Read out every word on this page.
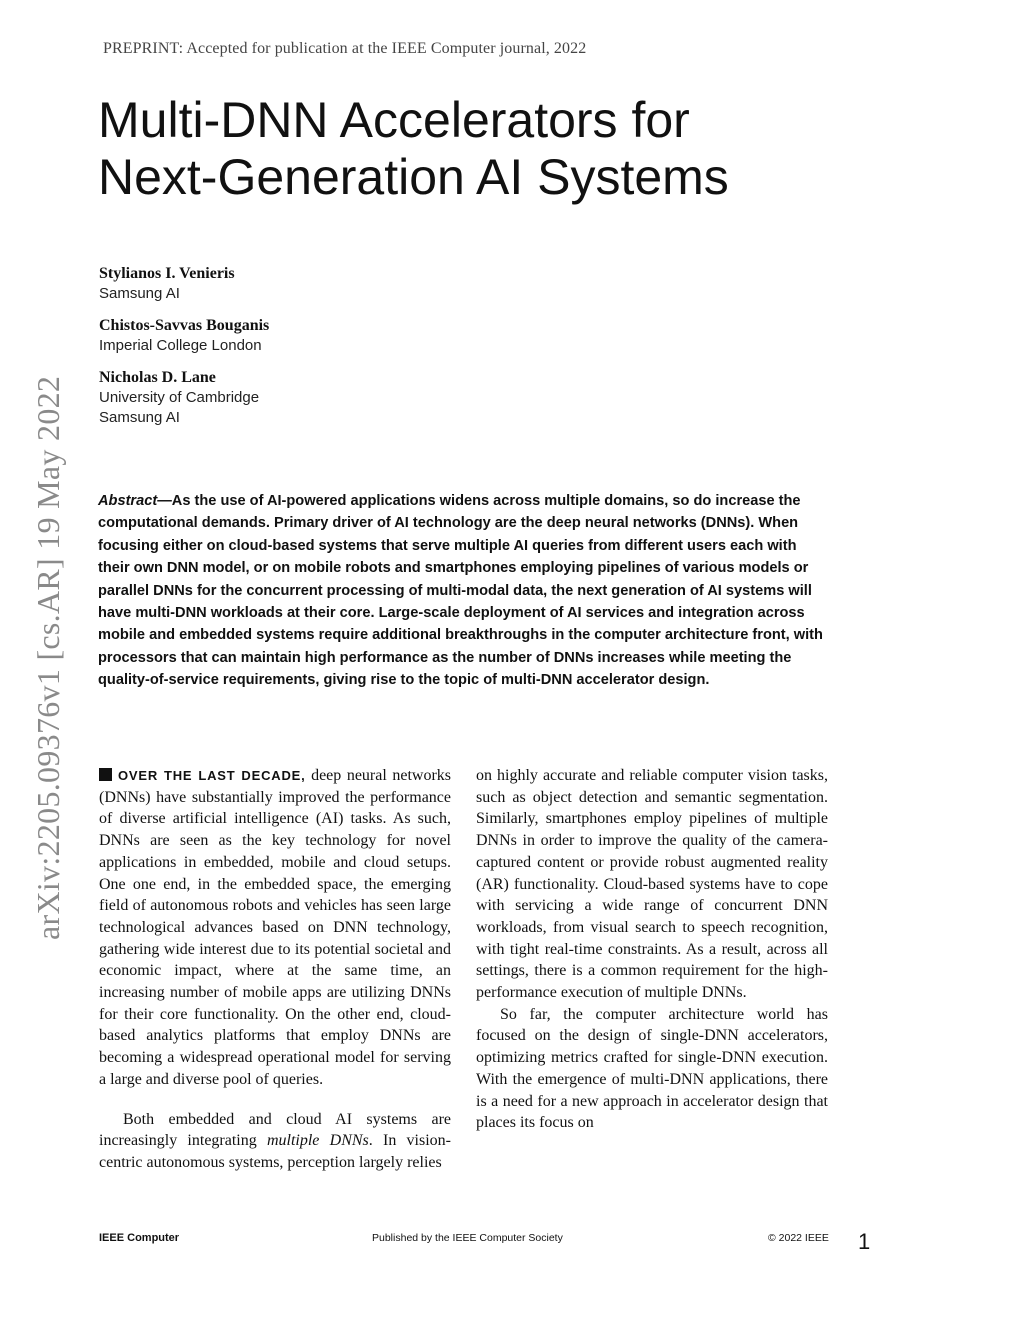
PREPRINT: Accepted for publication at the IEEE Computer journal, 2022
Multi-DNN Accelerators for
Next-Generation AI Systems
Stylianos I. Venieris
Samsung AI
Chistos-Savvas Bouganis
Imperial College London
Nicholas D. Lane
University of Cambridge
Samsung AI
arXiv:2205.09376v1 [cs.AR] 19 May 2022 Abstract—As the use of AI-powered applications widens across multiple domains, so do increase the computational demands. Primary driver of AI technology are the deep neural networks (DNNs). When focusing either on cloud-based systems that serve multiple AI queries from different users each with their own DNN model, or on mobile robots and smartphones employing pipelines of various models or parallel DNNs for the concurrent processing of multi-modal data, the next generation of AI systems will have multi-DNN workloads at their core. Large-scale deployment of AI services and integration across mobile and embedded systems require additional breakthroughs in the computer architecture front, with processors that can maintain high performance as the number of DNNs increases while meeting the quality-of-service requirements, giving rise to the topic of multi-DNN accelerator design.

OVER THE LAST DECADE, deep neural networks (DNNs) have substantially improved the performance of diverse artificial intelligence (AI) tasks. As such, DNNs are seen as the key technology for novel applications in embedded, mobile and cloud setups. One one end, in the embedded space, the emerging field of autonomous robots and vehicles has seen large technological advances based on DNN technology, gathering wide interest due to its potential societal and economic impact, where at the same time, an increasing number of mobile apps are utilizing DNNs for their core functionality. On the other end, cloud-based analytics platforms that employ DNNs are becoming a widespread operational model for serving a large and diverse pool of queries.

Both embedded and cloud AI systems are increasingly integrating multiple DNNs. In vision-centric autonomous systems, perception largely relies

on highly accurate and reliable computer vision tasks, such as object detection and semantic segmentation. Similarly, smartphones employ pipelines of multiple DNNs in order to improve the quality of the camera-captured content or provide robust augmented reality (AR) functionality. Cloud-based systems have to cope with servicing a wide range of concurrent DNN workloads, from visual search to speech recognition, with tight real-time constraints. As a result, across all settings, there is a common requirement for the high-performance execution of multiple DNNs.

So far, the computer architecture world has focused on the design of single-DNN accelerators, optimizing metrics crafted for single-DNN execution. With the emergence of multi-DNN applications, there is a need for a new approach in accelerator design that places its focus on

IEEE Computer	Published by the IEEE Computer Society	© 2022 IEEE 1
